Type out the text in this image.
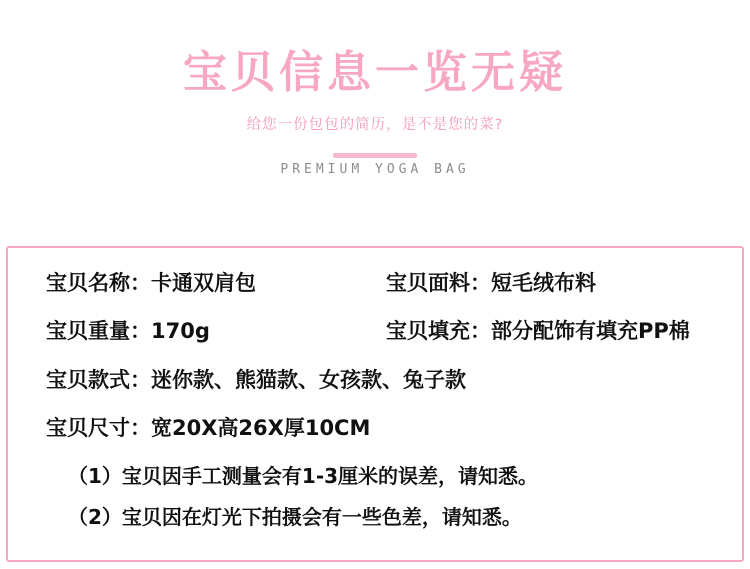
宝贝信息一览无疑
给您一份包包的简历，是不是您的菜?
PREMIUM YOGA BAG
宝贝名称：卡通双肩包	宝贝面料：短毛绒布料
宝贝重量：170g	宝贝填充：部分配饰有填充PP棉
宝贝款式：迷你款、熊猫款、女孩款、兔子款
宝贝尺寸：宽20X高26X厚10CM
（1）宝贝因手工测量会有1-3厘米的误差，请知悉。
（2）宝贝因在灯光下拍摄会有一些色差，请知悉。
